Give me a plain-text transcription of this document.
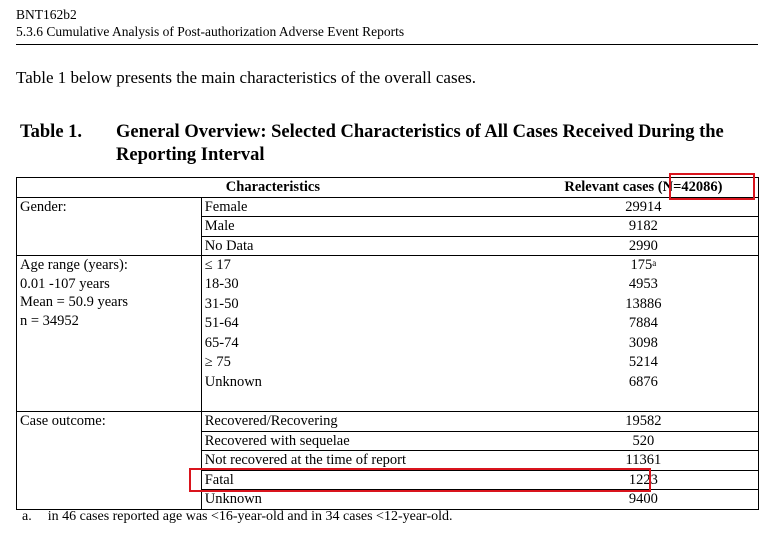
BNT162b2
5.3.6 Cumulative Analysis of Post-authorization Adverse Event Reports
Table 1 below presents the main characteristics of the overall cases.
Table 1. General Overview: Selected Characteristics of All Cases Received During the Reporting Interval
Characteristics		Relevant cases (N=42086)

Gender:	Female	29914
	Male	9182
	No Data	2990

Age range (years):
0.01 -107 years
Mean = 50.9 years
n = 34952	≤ 17	175$^a$
	18-30	4953
	31-50	13886
	51-64	7884
	65-74	3098
	≥ 75	5214
	Unknown	6876

Case outcome:	Recovered/Recovering	19582
	Recovered with sequelae	520
	Not recovered at the time of report	11361
	Fatal	1223
	Unknown	9400
a. in 46 cases reported age was <16-year-old and in 34 cases <12-year-old.
